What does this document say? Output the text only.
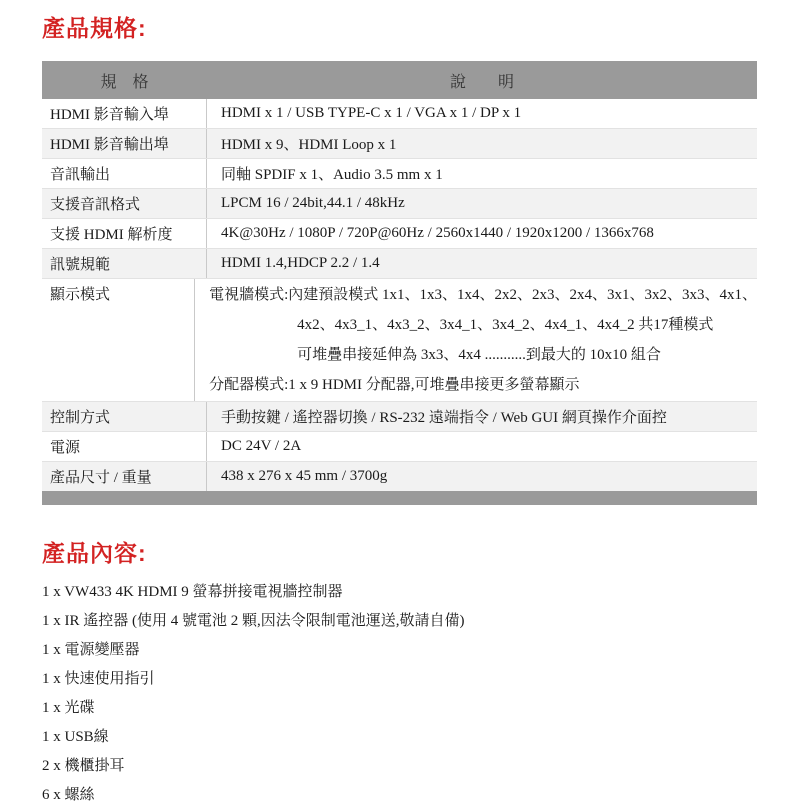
產品規格:
規　格	說　　明
HDMI 影音輸入埠	HDMI x 1 / USB TYPE-C x 1 / VGA x 1 / DP x 1
HDMI 影音輸出埠	HDMI x 9、HDMI Loop x 1
音訊輸出	同軸 SPDIF x 1、Audio 3.5 mm x 1
支援音訊格式	LPCM 16 / 24bit,44.1 / 48kHz
支援 HDMI 解析度	4K@30Hz / 1080P / 720P@60Hz / 2560x1440 / 1920x1200 / 1366x768
訊號規範	HDMI 1.4,HDCP 2.2 / 1.4
顯示模式	電視牆模式:內建預設模式 1x1、1x3、1x4、2x2、2x3、2x4、3x1、3x2、3x3、4x1、
4x2、4x3_1、4x3_2、3x4_1、3x4_2、4x4_1、4x4_2 共17種模式
可堆疊串接延伸為 3x3、4x4 ...........到最大的 10x10 組合
分配器模式:1 x 9 HDMI 分配器,可堆疊串接更多螢幕顯示
控制方式	手動按鍵 / 遙控器切換 / RS-232 遠端指令 / Web GUI 網頁操作介面控
電源	DC 24V / 2A
產品尺寸 / 重量	438 x 276 x 45 mm / 3700g
產品內容:
1 x VW433 4K HDMI 9 螢幕拼接電視牆控制器
1 x IR 遙控器 (使用 4 號電池 2 顆,因法令限制電池運送,敬請自備)
1 x 電源變壓器
1 x 快速使用指引
1 x 光碟
1 x USB線
2 x 機櫃掛耳
6 x 螺絲
